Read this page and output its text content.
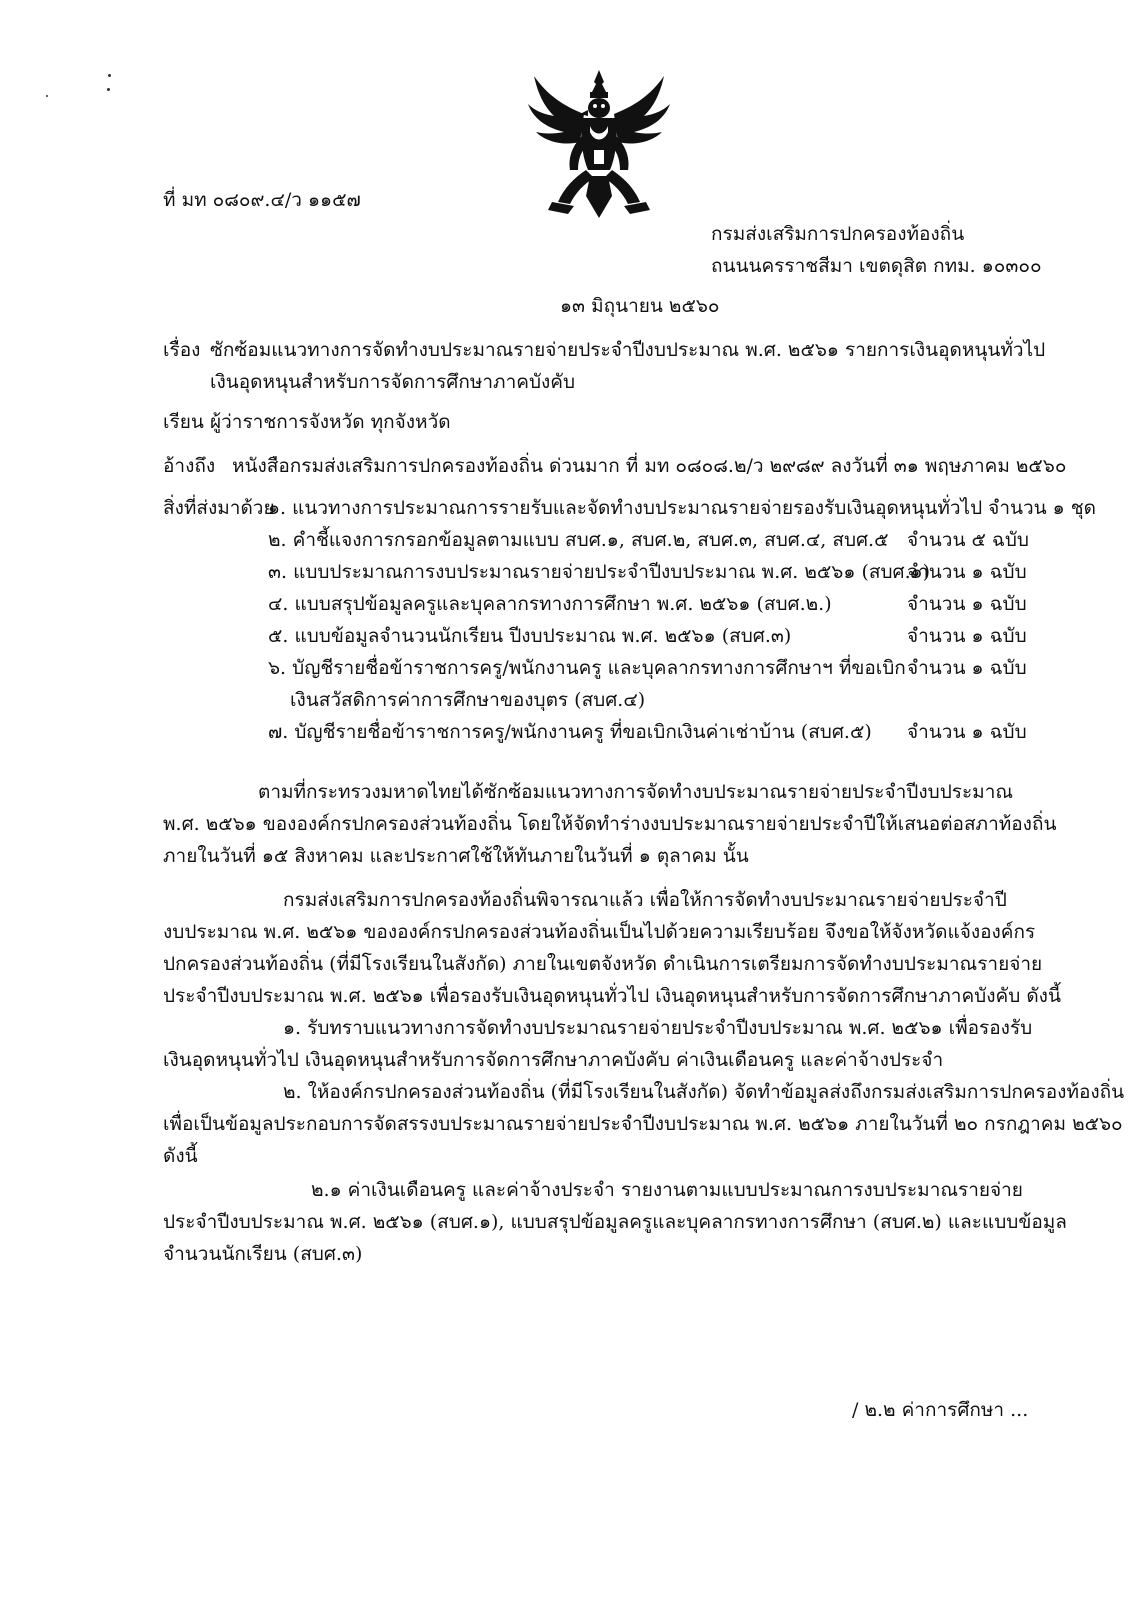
ที่ มท ๐๘๐๙.๔/ว ๑๑๕๗
กรมส่งเสริมการปกครองท้องถิ่น
ถนนนครราชสีมา เขตดุสิต กทม. ๑๐๓๐๐
๑๓ มิถุนายน ๒๕๖๐
เรื่อง ซักซ้อมแนวทางการจัดทำงบประมาณรายจ่ายประจำปีงบประมาณ พ.ศ. ๒๕๖๑ รายการเงินอุดหนุนทั่วไป
เงินอุดหนุนสำหรับการจัดการศึกษาภาคบังคับ
เรียน ผู้ว่าราชการจังหวัด ทุกจังหวัด
อ้างถึง หนังสือกรมส่งเสริมการปกครองท้องถิ่น ด่วนมาก ที่ มท ๐๘๐๘.๒/ว ๒๙๘๙ ลงวันที่ ๓๑ พฤษภาคม ๒๕๖๐
สิ่งที่ส่งมาด้วย
๑. แนวทางการประมาณการรายรับและจัดทำงบประมาณรายจ่ายรองรับเงินอุดหนุนทั่วไป จำนวน ๑ ชุด
๒. คำชี้แจงการกรอกข้อมูลตามแบบ สบศ.๑, สบศ.๒, สบศ.๓, สบศ.๔, สบศ.๕ จำนวน ๕ ฉบับ
๓. แบบประมาณการงบประมาณรายจ่ายประจำปีงบประมาณ พ.ศ. ๒๕๖๑ (สบศ.๑)
จำนวน ๑ ฉบับ
๔. แบบสรุปข้อมูลครูและบุคลากรทางการศึกษา พ.ศ. ๒๕๖๑ (สบศ.๒.)	จำนวน ๑ ฉบับ
๕. แบบข้อมูลจำนวนนักเรียน ปีงบประมาณ พ.ศ. ๒๕๖๑ (สบศ.๓)	จำนวน ๑ ฉบับ
๖. บัญชีรายชื่อข้าราชการครู/พนักงานครู และบุคลากรทางการศึกษาฯ ที่ขอเบิก จำนวน ๑ ฉบับ
เงินสวัสดิการค่าการศึกษาของบุตร (สบศ.๔)
๗. บัญชีรายชื่อข้าราชการครู/พนักงานครู ที่ขอเบิกเงินค่าเช่าบ้าน (สบศ.๕) จำนวน ๑ ฉบับ
ตามที่กระทรวงมหาดไทยได้ซักซ้อมแนวทางการจัดทำงบประมาณรายจ่ายประจำปีงบประมาณ
พ.ศ. ๒๕๖๑ ขององค์กรปกครองส่วนท้องถิ่น โดยให้จัดทำร่างงบประมาณรายจ่ายประจำปีให้เสนอต่อสภาท้องถิ่น
ภายในวันที่ ๑๕ สิงหาคม และประกาศใช้ให้ทันภายในวันที่ ๑ ตุลาคม นั้น
กรมส่งเสริมการปกครองท้องถิ่นพิจารณาแล้ว เพื่อให้การจัดทำงบประมาณรายจ่ายประจำปี
งบประมาณ พ.ศ. ๒๕๖๑ ขององค์กรปกครองส่วนท้องถิ่นเป็นไปด้วยความเรียบร้อย จึงขอให้จังหวัดแจ้งองค์กร
ปกครองส่วนท้องถิ่น (ที่มีโรงเรียนในสังกัด) ภายในเขตจังหวัด ดำเนินการเตรียมการจัดทำงบประมาณรายจ่าย
ประจำปีงบประมาณ พ.ศ. ๒๕๖๑ เพื่อรองรับเงินอุดหนุนทั่วไป เงินอุดหนุนสำหรับการจัดการศึกษาภาคบังคับ ดังนี้
๑. รับทราบแนวทางการจัดทำงบประมาณรายจ่ายประจำปีงบประมาณ พ.ศ. ๒๕๖๑ เพื่อรองรับ
เงินอุดหนุนทั่วไป เงินอุดหนุนสำหรับการจัดการศึกษาภาคบังคับ ค่าเงินเดือนครู และค่าจ้างประจำ
๒. ให้องค์กรปกครองส่วนท้องถิ่น (ที่มีโรงเรียนในสังกัด) จัดทำข้อมูลส่งถึงกรมส่งเสริมการปกครองท้องถิ่น
เพื่อเป็นข้อมูลประกอบการจัดสรรงบประมาณรายจ่ายประจำปีงบประมาณ พ.ศ. ๒๕๖๑ ภายในวันที่ ๒๐ กรกฎาคม ๒๕๖๐
ดังนี้
๒.๑ ค่าเงินเดือนครู และค่าจ้างประจำ รายงานตามแบบประมาณการงบประมาณรายจ่าย
ประจำปีงบประมาณ พ.ศ. ๒๕๖๑ (สบศ.๑), แบบสรุปข้อมูลครูและบุคลากรทางการศึกษา (สบศ.๒) และแบบข้อมูล
จำนวนนักเรียน (สบศ.๓)
/ ๒.๒ ค่าการศึกษา ...
